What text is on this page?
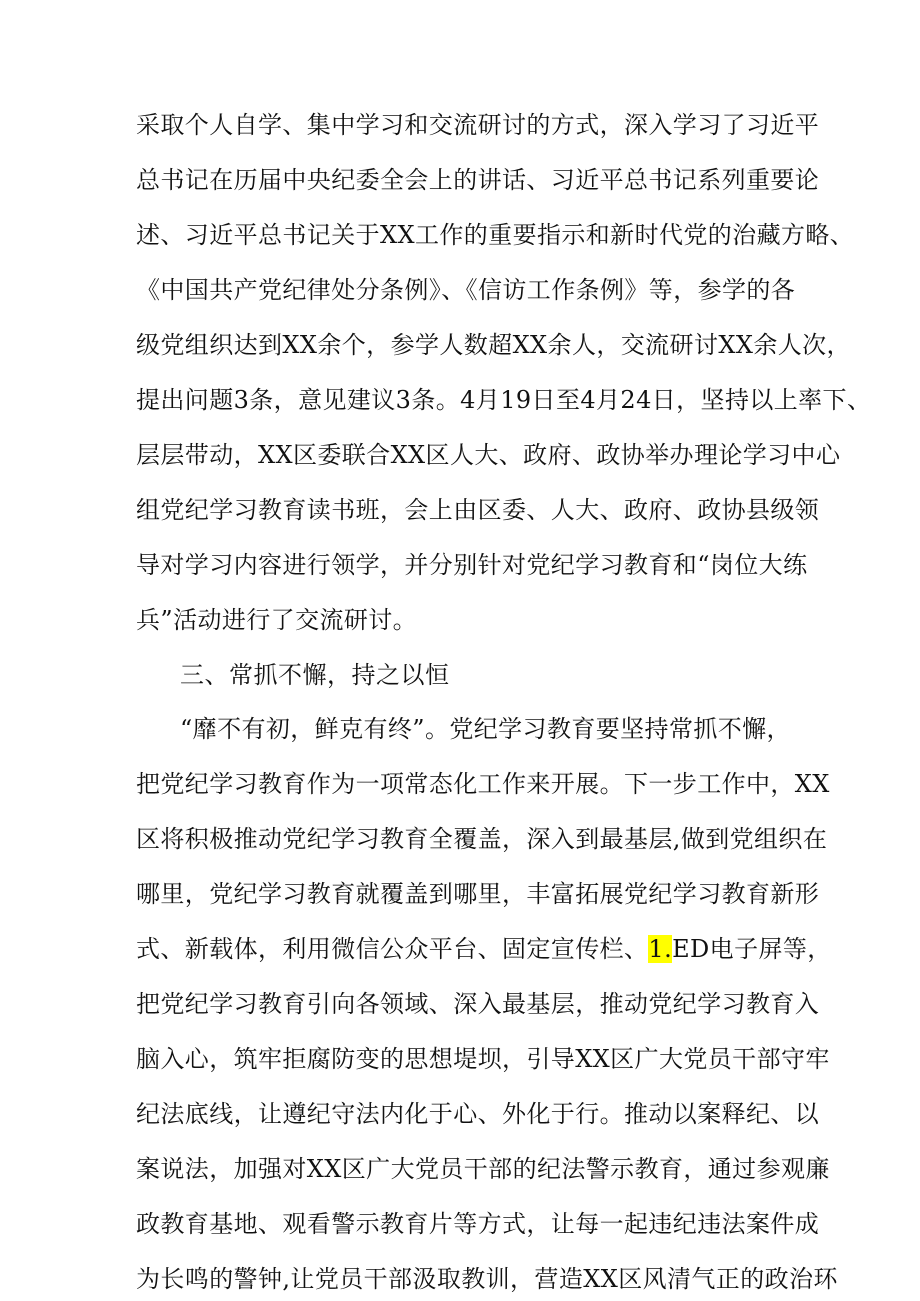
采取个人自学、集中学习和交流研讨的方式，深入学习了习近平
总书记在历届中央纪委全会上的讲话、习近平总书记系列重要论
述、习近平总书记关于XX工作的重要指示和新时代党的治藏方略、
《中国共产党纪律处分条例》、《信访工作条例》等，参学的各
级党组织达到XX余个，参学人数超XX余人，交流研讨XX余人次，
提出问题3条，意见建议3条。4月19日至4月24日，坚持以上率下、
层层带动，XX区委联合XX区人大、政府、政协举办理论学习中心
组党纪学习教育读书班，会上由区委、人大、政府、政协县级领
导对学习内容进行领学，并分别针对党纪学习教育和“岗位大练
兵”活动进行了交流研讨。
三、常抓不懈，持之以恒
“靡不有初，鲜克有终”。党纪学习教育要坚持常抓不懈，
把党纪学习教育作为一项常态化工作来开展。下一步工作中，XX
区将积极推动党纪学习教育全覆盖，深入到最基层,做到党组织在
哪里，党纪学习教育就覆盖到哪里，丰富拓展党纪学习教育新形
式、新载体，利用微信公众平台、固定宣传栏、1.ED电子屏等，
把党纪学习教育引向各领域、深入最基层，推动党纪学习教育入
脑入心，筑牢拒腐防变的思想堤坝，引导XX区广大党员干部守牢
纪法底线，让遵纪守法内化于心、外化于行。推动以案释纪、以
案说法，加强对XX区广大党员干部的纪法警示教育，通过参观廉
政教育基地、观看警示教育片等方式，让每一起违纪违法案件成
为长鸣的警钟,让党员干部汲取教训，营造XX区风清气正的政治环
